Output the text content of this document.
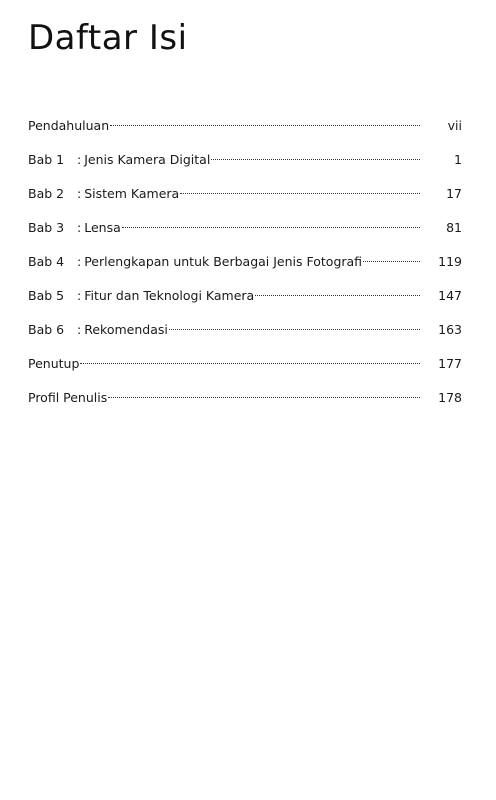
Daftar Isi
Pendahuluan	vii
Bab 1	: Jenis Kamera Digital	1
Bab 2	: Sistem Kamera	17
Bab 3	: Lensa	81
Bab 4	: Perlengkapan untuk Berbagai Jenis Fotografi	119
Bab 5	: Fitur dan Teknologi Kamera	147
Bab 6	: Rekomendasi	163
Penutup	177
Profil Penulis	178
